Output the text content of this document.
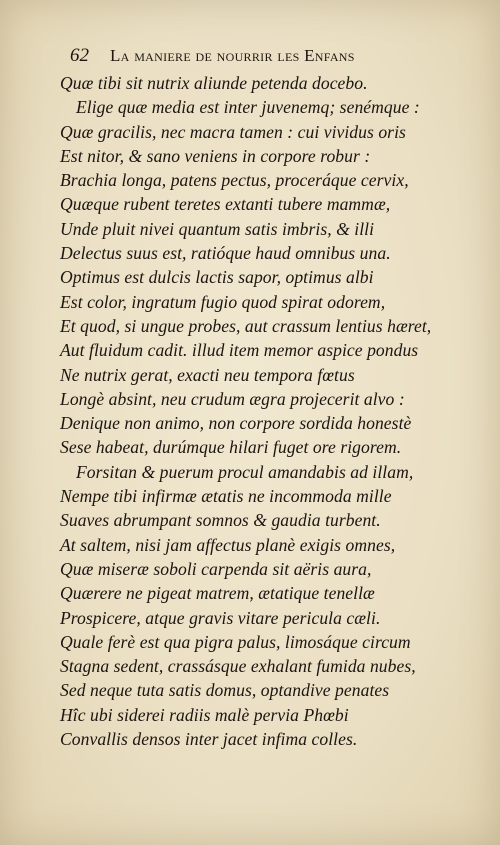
62 La maniere de nourrir les Enfans
Quæ tibi sit nutrix aliunde petenda docebo.
Elige quæ media est inter juvenemq; senémque :
Quæ gracilis, nec macra tamen : cui vividus oris
Est nitor, & sano veniens in corpore robur :
Brachia longa, patens pectus, proceráque cervix,
Quæque rubent teretes extanti tubere mammæ,
Unde pluit nivei quantum satis imbris, & illi
Delectus suus est, ratióque haud omnibus una.
Optimus est dulcis lactis sapor, optimus albi
Est color, ingratum fugio quod spirat odorem,
Et quod, si ungue probes, aut crassum lentius hæret,
Aut fluidum cadit. illud item memor aspice pondus
Ne nutrix gerat, exacti neu tempora fœtus
Longè absint, neu crudum ægra projecerit alvo :
Denique non animo, non corpore sordida honestè
Sese habeat, durúmque hilari fuget ore rigorem.
Forsitan & puerum procul amandabis ad illam,
Nempe tibi infirmæ ætatis ne incommoda mille
Suaves abrumpant somnos & gaudia turbent.
At saltem, nisi jam affectus planè exigis omnes,
Quæ miseræ soboli carpenda sit aëris aura,
Quærere ne pigeat matrem, ætatique tenellæ
Prospicere, atque gravis vitare pericula cæli.
Quale ferè est qua pigra palus, limosáque circum
Stagna sedent, crassásque exhalant fumida nubes,
Sed neque tuta satis domus, optandive penates
Hîc ubi siderei radiis malè pervia Phœbi
Convallis densos inter jacet infima colles.
